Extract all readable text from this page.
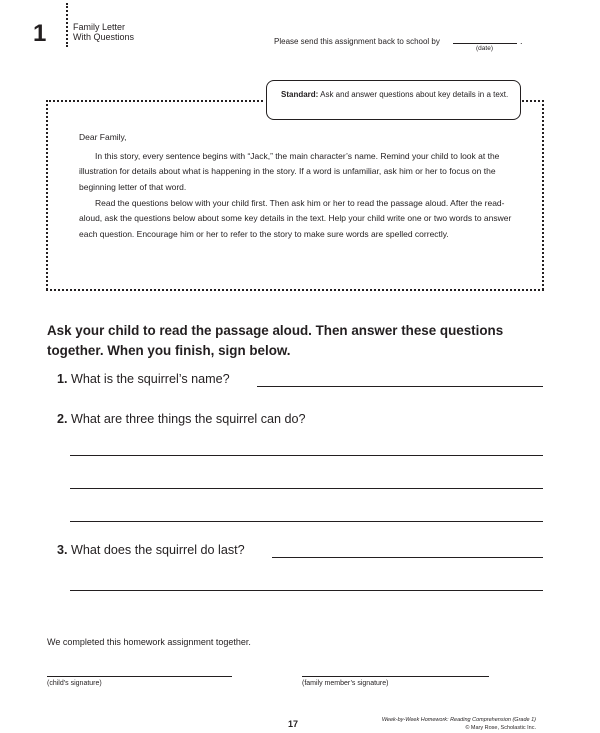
1	Family Letter
With Questions	Please send this assignment back to school by	.
(date)
Standard: Ask and answer questions about key details in a text.
Dear Family,
In this story, every sentence begins with “Jack,” the main character’s name. Remind your child to look at the illustration for details about what is happening in the story. If a word is unfamiliar, ask him or her to focus on the beginning letter of that word.
Read the questions below with your child first. Then ask him or her to read the passage aloud. After the read-aloud, ask the questions below about some key details in the text. Help your child write one or two words to answer each question. Encourage him or her to refer to the story to make sure words are spelled correctly.
Ask your child to read the passage aloud. Then answer these questions together. When you finish, sign below.
1. What is the squirrel’s name?
2. What are three things the squirrel can do?
3. What does the squirrel do last?
We completed this homework assignment together.
(child’s signature)	(family member’s signature)
17	Week-by-Week Homework: Reading Comprehension (Grade 1)
© Mary Rose, Scholastic Inc.
